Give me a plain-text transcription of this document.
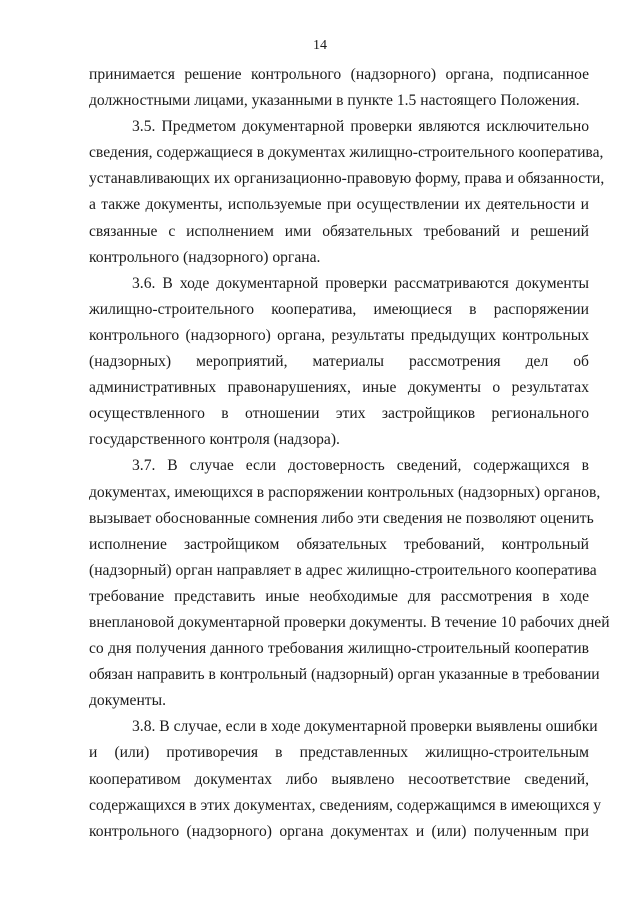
14
принимается решение контрольного (надзорного) органа, подписанное
должностными лицами, указанными в пункте 1.5 настоящего Положения.
3.5. Предметом документарной проверки являются исключительно
сведения, содержащиеся в документах жилищно-строительного кооператива,
устанавливающих их организационно-правовую форму, права и обязанности,
а также документы, используемые при осуществлении их деятельности и
связанные с исполнением ими обязательных требований и решений
контрольного (надзорного) органа.
3.6. В ходе документарной проверки рассматриваются документы
жилищно-строительного кооператива, имеющиеся в распоряжении
контрольного (надзорного) органа, результаты предыдущих контрольных
(надзорных) мероприятий, материалы рассмотрения дел об
административных правонарушениях, иные документы о результатах
осуществленного в отношении этих застройщиков регионального
государственного контроля (надзора).
3.7. В случае если достоверность сведений, содержащихся в
документах, имеющихся в распоряжении контрольных (надзорных) органов,
вызывает обоснованные сомнения либо эти сведения не позволяют оценить
исполнение застройщиком обязательных требований, контрольный
(надзорный) орган направляет в адрес жилищно-строительного кооператива
требование представить иные необходимые для рассмотрения в ходе
внеплановой документарной проверки документы. В течение 10 рабочих дней
со дня получения данного требования жилищно-строительный кооператив
обязан направить в контрольный (надзорный) орган указанные в требовании
документы.
3.8. В случае, если в ходе документарной проверки выявлены ошибки
и (или) противоречия в представленных жилищно-строительным
кооперативом документах либо выявлено несоответствие сведений,
содержащихся в этих документах, сведениям, содержащимся в имеющихся у
контрольного (надзорного) органа документах и (или) полученным при
